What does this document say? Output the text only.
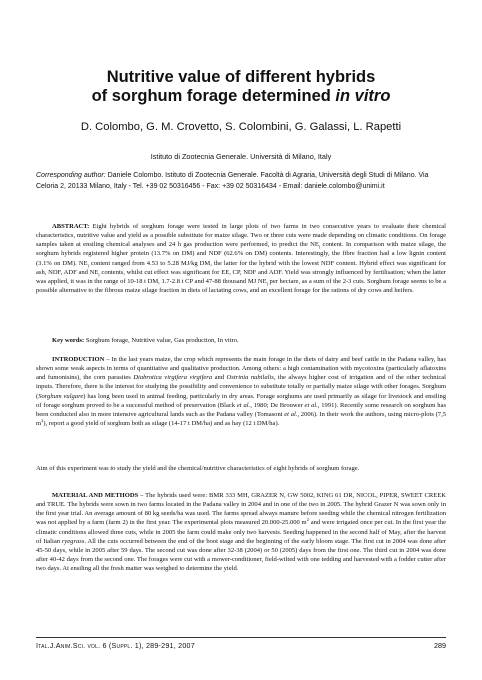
Nutritive value of different hybrids
of sorghum forage determined in vitro
D. Colombo, G. M. Crovetto, S. Colombini, G. Galassi, L. Rapetti
Istituto di Zootecnia Generale. Università di Milano, Italy
Corresponding author: Daniele Colombo. Istituto di Zootecnia Generale. Facoltà di Agraria, Università degli Studi di Milano. Via Celoria 2, 20133 Milano, Italy - Tel. +39 02 50316456 - Fax: +39 02 50316434 - Email: daniele.colombo@unimi.it
ABSTRACT: Eight hybrids of sorghum forage were tested in large plots of two farms in two consecutive years to evaluate their chemical characteristics, nutritive value and yield as a possible substitute for maize silage. Two or three cuts were made depending on climatic conditions. On forage samples taken at ensiling chemical analyses and 24 h gas production were performed, to predict the $NE_l$ content. In comparison with maize silage, the sorghum hybrids registered higher protein (13.7% on DM) and NDF (62.6% on DM) contents. Interestingly, the fibre fraction had a low lignin content (3.1% on DM). $NE_l$ content ranged from 4.53 to 5.28 MJ/kg DM, the latter for the hybrid with the lowest NDF content. Hybrid effect was significant for ash, NDF, ADF and $NE_l$ contents, whilst cut effect was significant for EE, CP, NDF and ADF. Yield was strongly influenced by fertilisation; when the latter was applied, it was in the range of 10-18 t DM, 1.7-2.8 t CP and 47-88 thousand MJ $NE_l$ per hectare, as a sum of the 2-3 cuts. Sorghum forage seems to be a possible alternative to the fibrous maize silage fraction in diets of lactating cows, and an excellent forage for the rations of dry cows and heifers.
Key words: Sorghum forage, Nutritive value, Gas production, In vitro.
INTRODUCTION – In the last years maize, the crop which represents the main forage in the diets of dairy and beef cattle in the Padana valley, has shown some weak aspects in terms of quantitative and qualitative production. Among others: a high contamination with mycotoxins (particularly aflatoxins and fumonisins), the corn parasites Diabrotica virgifera virgifera and Ostrinia nubilalis, the always higher cost of irrigation and of the other technical inputs. Therefore, there is the interest for studying the possibility and convenience to substitute totally or partially maize silage with other forages. Sorghum (Sorghum vulgare) has long been used in animal feeding, particularly in dry areas. Forage sorghums are used primarily as silage for livestock and ensiling of forage sorghum proved to be a successful method of preservation (Black et al., 1980; De Brouwer et al., 1991). Recently some research on sorghum has been conducted also in more intensive agricultural lands such as the Padana valley (Tomasoni et al., 2006). In their work the authors, using micro-plots (7,5 $m^2$), report a good yield of sorghum both as silage (14-17 t DM/ha) and as hay (12 t DM/ha).
Aim of this experiment was to study the yield and the chemical/nutritive characteristics of eight hybrids of sorghum forage.
MATERIAL AND METHODS – The hybrids used were: BMR 333 MH, GRAZER N, GW 5002, KING 61 DR, NICOL, PIPER, SWEET CREEK and TRUE. The hybrids were sown in two farms located in the Padana valley in 2004 and in one of the two in 2005. The hybrid Grazer N was sown only in the first year trial. An average amount of 80 kg seeds/ha was used. The farms spread always manure before seeding while the chemical nitrogen fertilization was not applied by a farm (farm 2) in the first year. The experimental plots measured 20.000-25.000 $m^2$ and were irrigated once per cut. In the first year the climatic conditions allowed three cuts, while in 2005 the farm could make only two harvests. Seeding happened in the second half of May, after the harvest of Italian ryegrass. All the cuts occurred between the end of the boot stage and the beginning of the early bloom stage. The first cut in 2004 was done after 45-50 days, while in 2005 after 59 days. The second cut was done after 32-38 (2004) or 50 (2005) days from the first one. The third cut in 2004 was done after 40-42 days from the second one. The forages were cut with a mower-conditioner, field-wilted with one tedding and harvested with a fodder cutter after two days. At ensiling all the fresh matter was weighed to determine the yield.
Ital.J.Anim.Sci. vol. 6 (Suppl. 1), 289-291, 2007	289
